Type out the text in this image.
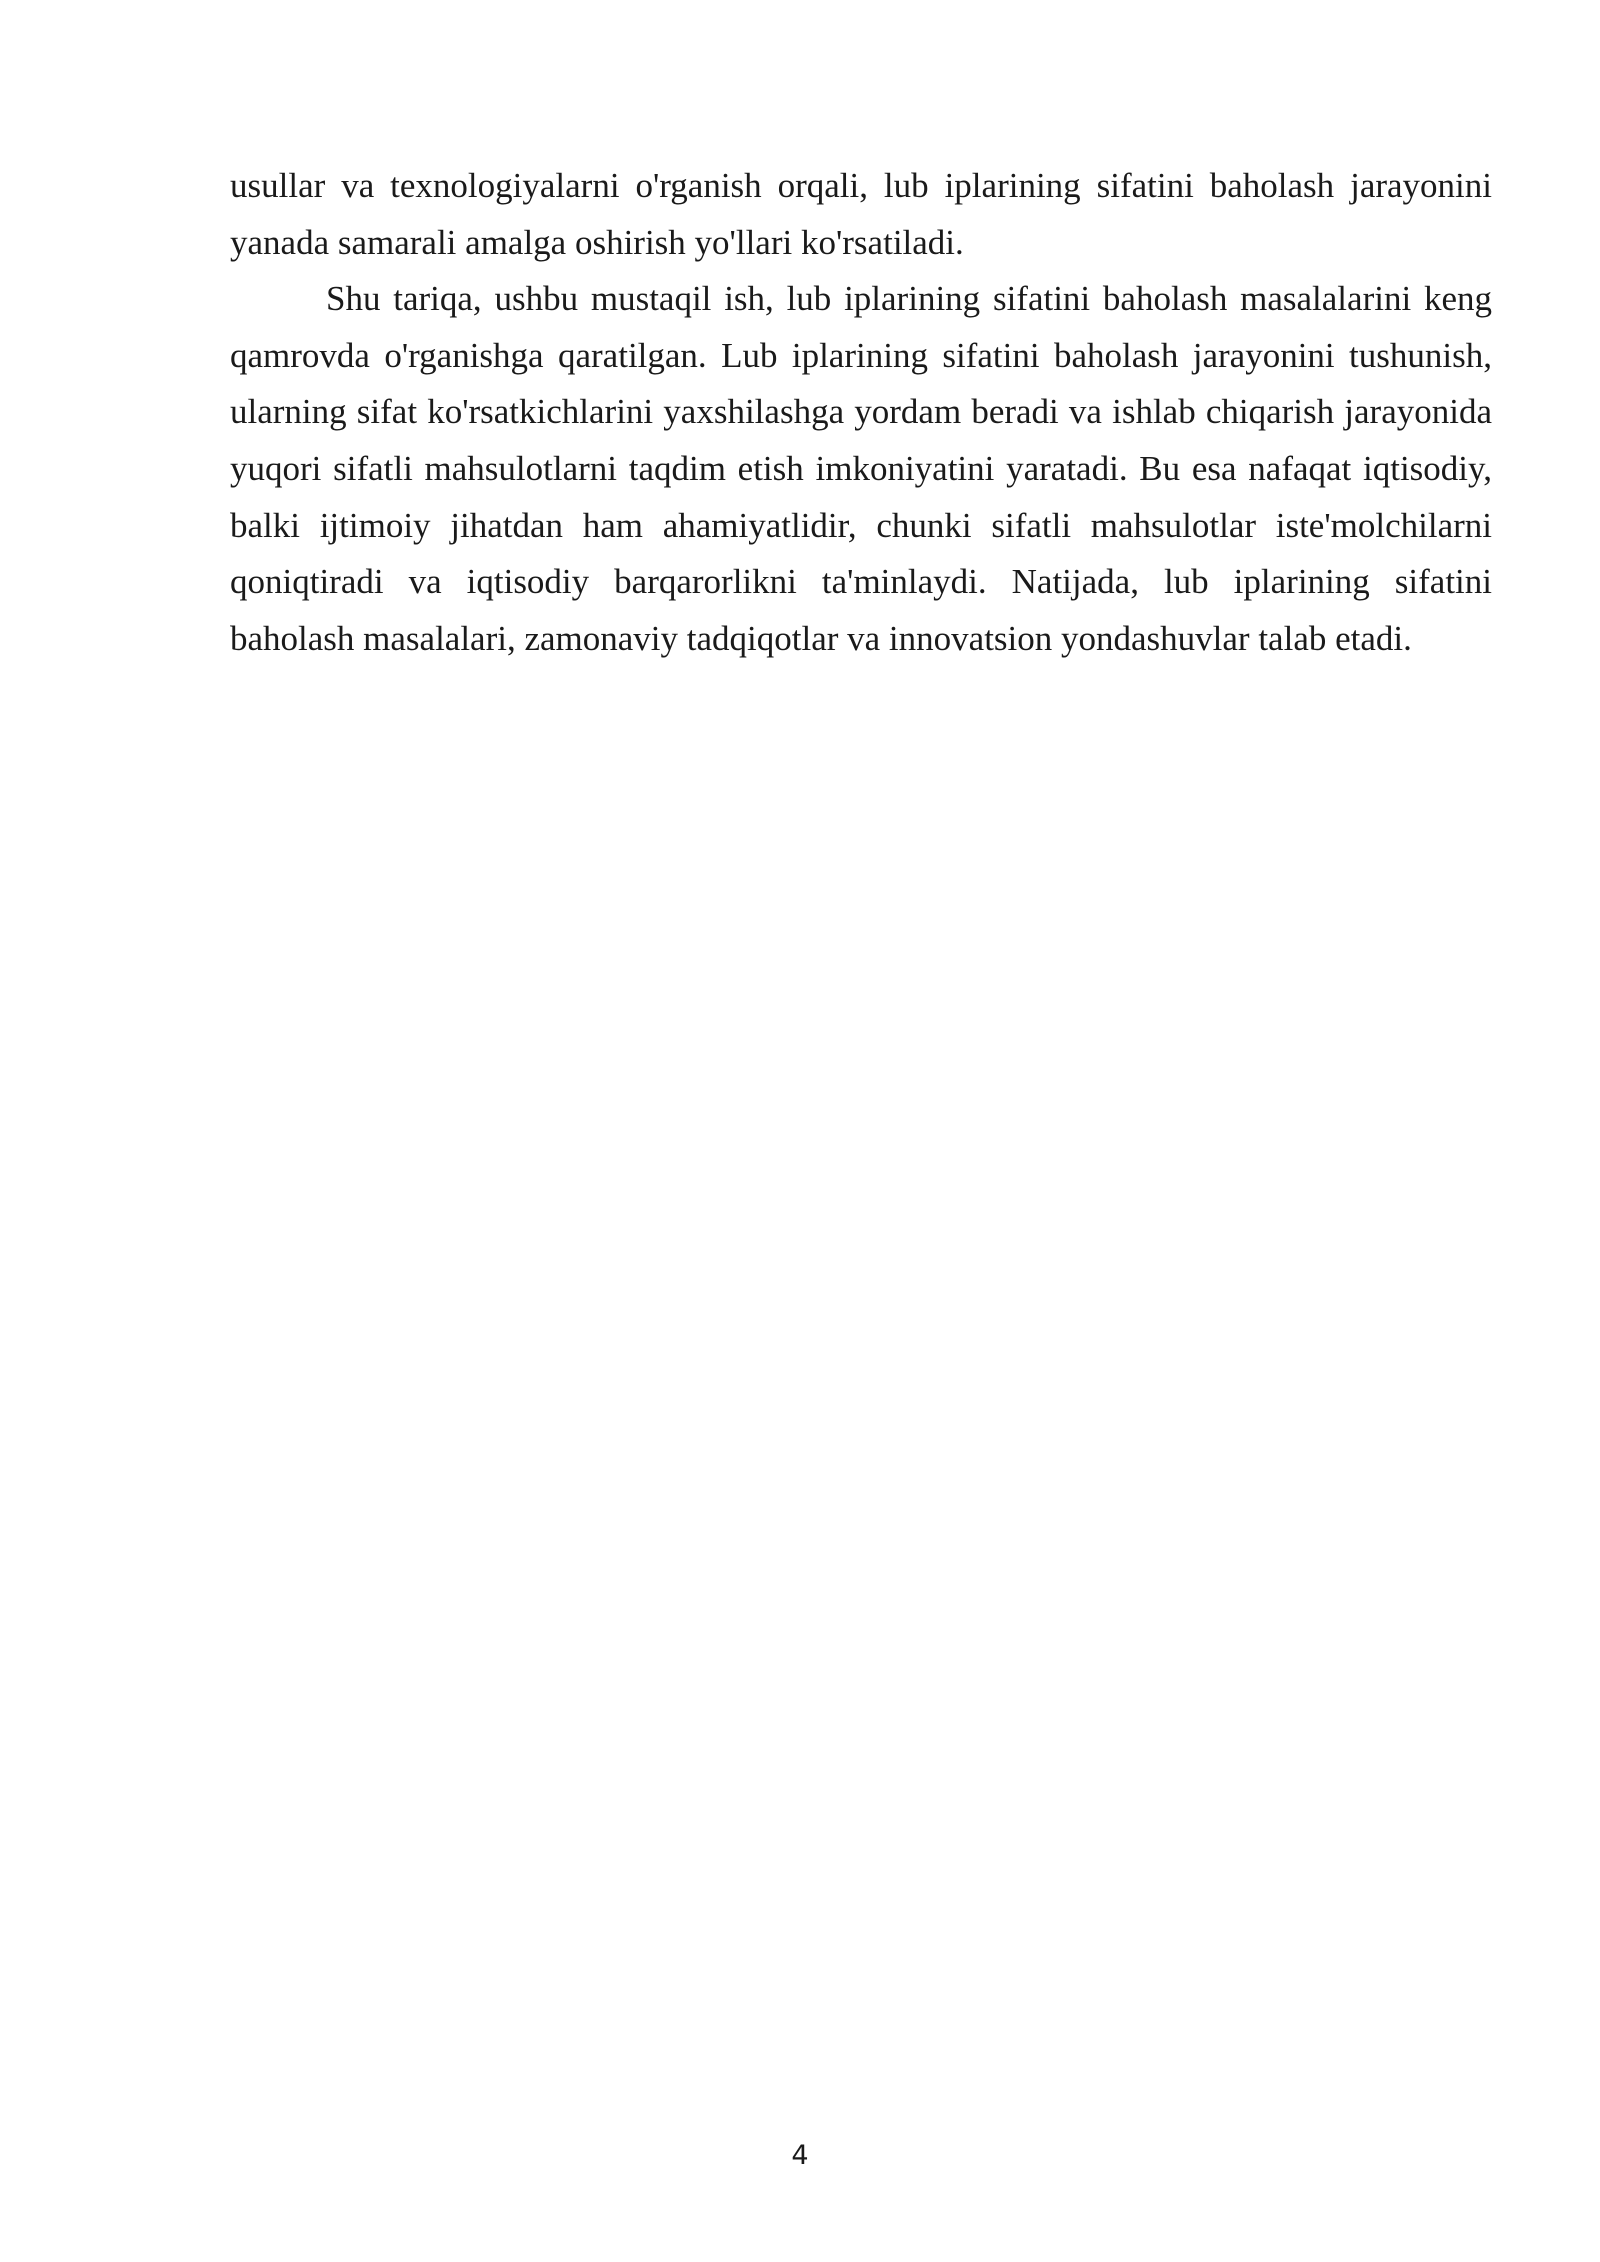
usullar va texnologiyalarni o'rganish orqali, lub iplarining sifatini baholash jarayonini yanada samarali amalga oshirish yo'llari ko'rsatiladi.

Shu tariqa, ushbu mustaqil ish, lub iplarining sifatini baholash masalalarini keng qamrovda o'rganishga qaratilgan. Lub iplarining sifatini baholash jarayonini tushunish, ularning sifat ko'rsatkichlarini yaxshilashga yordam beradi va ishlab chiqarish jarayonida yuqori sifatli mahsulotlarni taqdim etish imkoniyatini yaratadi. Bu esa nafaqat iqtisodiy, balki ijtimoiy jihatdan ham ahamiyatlidir, chunki sifatli mahsulotlar iste'molchilarni qoniqtiradi va iqtisodiy barqarorlikni ta'minlaydi. Natijada, lub iplarining sifatini baholash masalalari, zamonaviy tadqiqotlar va innovatsion yondashuvlar talab etadi.

4
